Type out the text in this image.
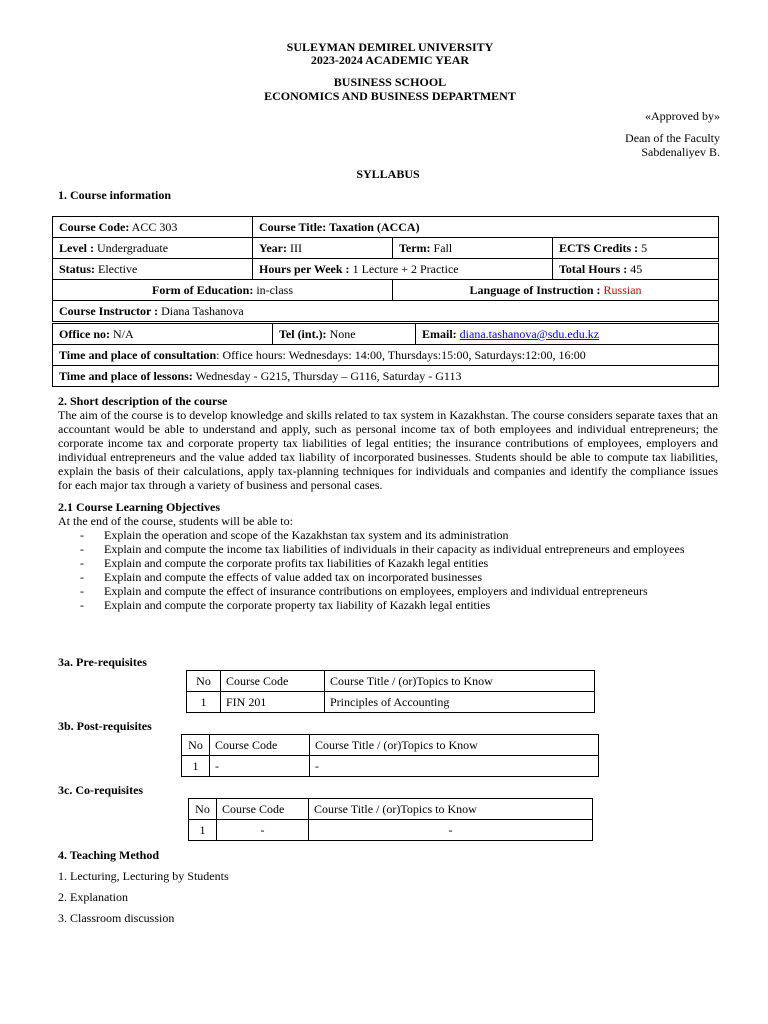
SULEYMAN DEMIREL UNIVERSITY
2023-2024 ACADEMIC YEAR
BUSINESS SCHOOL
ECONOMICS AND BUSINESS DEPARTMENT
«Approved by»
Dean of the Faculty
Sabdenaliyev B.
SYLLABUS
1. Course information
Course Code: ACC 303	Course Title: Taxation (ACCA)		
Level : Undergraduate	Year: III	Term: Fall	ECTS Credits : 5
Status: Elective	Hours per Week : 1 Lecture + 2 Practice		Total Hours : 45
Form of Education: in-class		Language of Instruction : Russian	
Course Instructor : Diana Tashanova			
Office no: N/A	Tel (int.): None	Email: diana.tashanova@sdu.edu.kz
Time and place of consultation: Office hours: Wednesdays: 14:00, Thursdays:15:00, Saturdays:12:00, 16:00
Time and place of lessons: Wednesday - G215, Thursday – G116, Saturday - G113
2. Short description of the course
The aim of the course is to develop knowledge and skills related to tax system in Kazakhstan. The course considers separate taxes that an accountant would be able to understand and apply, such as personal income tax of both employees and individual entrepreneurs; the corporate income tax and corporate property tax liabilities of legal entities; the insurance contributions of employees, employers and individual entrepreneurs and the value added tax liability of incorporated businesses. Students should be able to compute tax liabilities, explain the basis of their calculations, apply tax-planning techniques for individuals and companies and identify the compliance issues for each major tax through a variety of business and personal cases.
2.1 Course Learning Objectives
At the end of the course, students will be able to:
- Explain the operation and scope of the Kazakhstan tax system and its administration
- Explain and compute the income tax liabilities of individuals in their capacity as individual entrepreneurs and employees
- Explain and compute the corporate profits tax liabilities of Kazakh legal entities
- Explain and compute the effects of value added tax on incorporated businesses
- Explain and compute the effect of insurance contributions on employees, employers and individual entrepreneurs
- Explain and compute the corporate property tax liability of Kazakh legal entities
3a. Pre-requisites
No	Course Code	Course Title / (or)Topics to Know
1	FIN 201	Principles of Accounting
3b. Post-requisites
No	Course Code	Course Title / (or)Topics to Know
1	-	-
3c. Co-requisites
No	Course Code	Course Title / (or)Topics to Know
1	-	-
4. Teaching Method
1. Lecturing, Lecturing by Students
2. Explanation
3. Classroom discussion
